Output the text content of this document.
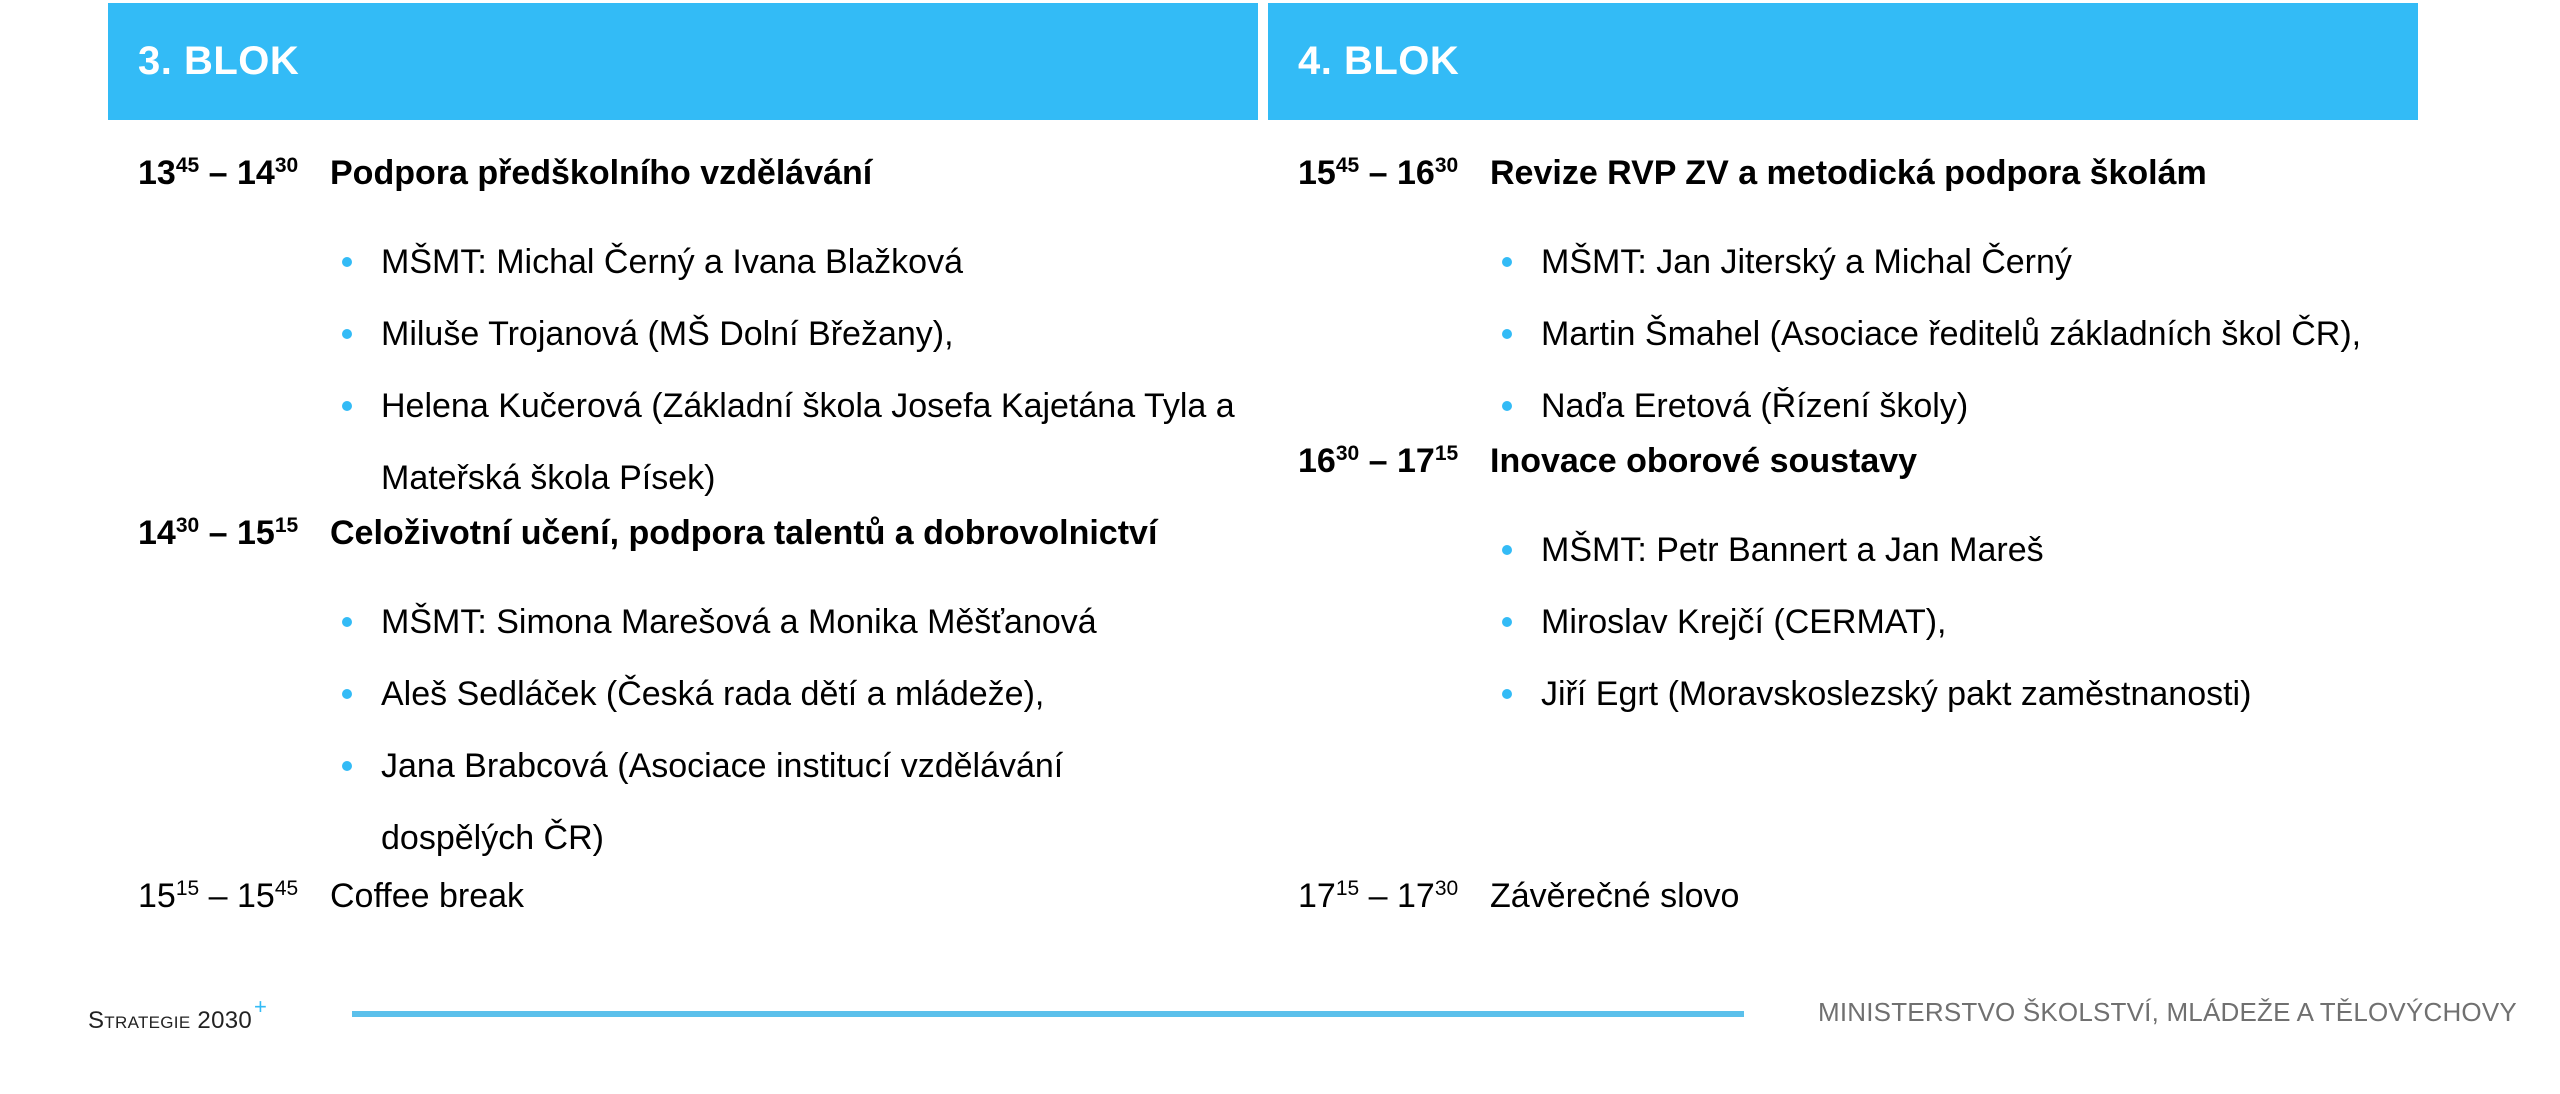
3. BLOK
$13^{45} - 14^{30}$ Podpora předškolního vzdělávání
MŠMT: Michal Černý a Ivana Blažková
Miluše Trojanová (MŠ Dolní Břežany),
Helena Kučerová (Základní škola Josefa Kajetána Tyla a Mateřská škola Písek)
$14^{30} - 15^{15}$ Celoživotní učení, podpora talentů a dobrovolnictví
MŠMT: Simona Marešová a Monika Měšťanová
Aleš Sedláček (Česká rada dětí a mládeže),
Jana Brabcová (Asociace institucí vzdělávání dospělých ČR)
$15^{15} - 15^{45}$ Coffee break
4. BLOK
$15^{45} - 16^{30}$ Revize RVP ZV a metodická podpora školám
MŠMT: Jan Jiterský a Michal Černý
Martin Šmahel (Asociace ředitelů základních škol ČR),
Naďa Eretová (Řízení školy)
$16^{30} - 17^{15}$ Inovace oborové soustavy
MŠMT: Petr Bannert a Jan Mareš
Miroslav Krejčí (CERMAT),
Jiří Egrt (Moravskoslezský pakt zaměstnanosti)
$17^{15} - 17^{30}$ Závěrečné slovo
Strategie 2030+	MINISTERSTVO ŠKOLSTVÍ, MLÁDEŽE A TĚLOVÝCHOVY
